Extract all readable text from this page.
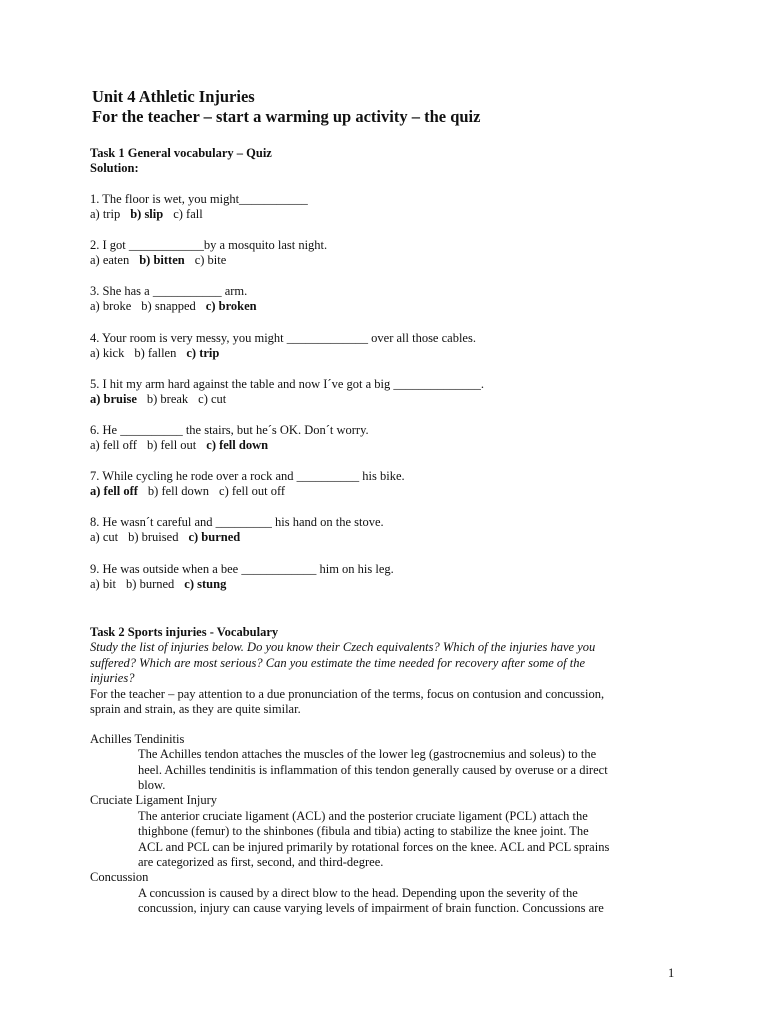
Unit 4 Athletic Injuries
For the teacher – start a warming up activity – the quiz
Task 1 General vocabulary – Quiz
Solution:
1. The floor is wet, you might___________
a) trip b) slip c) fall
2. I got ____________by a mosquito last night.
a) eaten b) bitten c) bite
3. She has a ___________ arm.
a) broke b) snapped c) broken
4. Your room is very messy, you might _____________ over all those cables.
a) kick b) fallen c) trip
5. I hit my arm hard against the table and now I´ve got a big ______________.
a) bruise b) break c) cut
6. He __________ the stairs, but he´s OK. Don´t worry.
a) fell off b) fell out c) fell down
7. While cycling he rode over a rock and __________ his bike.
a) fell off b) fell down c) fell out off
8. He wasn´t careful and _________ his hand on the stove.
a) cut b) bruised c) burned
9. He was outside when a bee ____________ him on his leg.
a) bit b) burned c) stung
Task 2 Sports injuries - Vocabulary
Study the list of injuries below. Do you know their Czech equivalents? Which of the injuries have you
suffered? Which are most serious? Can you estimate the time needed for recovery after some of the
injuries?
For the teacher – pay attention to a due pronunciation of the terms, focus on contusion and concussion,
sprain and strain, as they are quite similar.
Achilles Tendinitis
The Achilles tendon attaches the muscles of the lower leg (gastrocnemius and soleus) to the
heel. Achilles tendinitis is inflammation of this tendon generally caused by overuse or a direct
blow.
Cruciate Ligament Injury
The anterior cruciate ligament (ACL) and the posterior cruciate ligament (PCL) attach the
thighbone (femur) to the shinbones (fibula and tibia) acting to stabilize the knee joint. The
ACL and PCL can be injured primarily by rotational forces on the knee. ACL and PCL sprains
are categorized as first, second, and third-degree.
Concussion
A concussion is caused by a direct blow to the head. Depending upon the severity of the
concussion, injury can cause varying levels of impairment of brain function. Concussions are
1
